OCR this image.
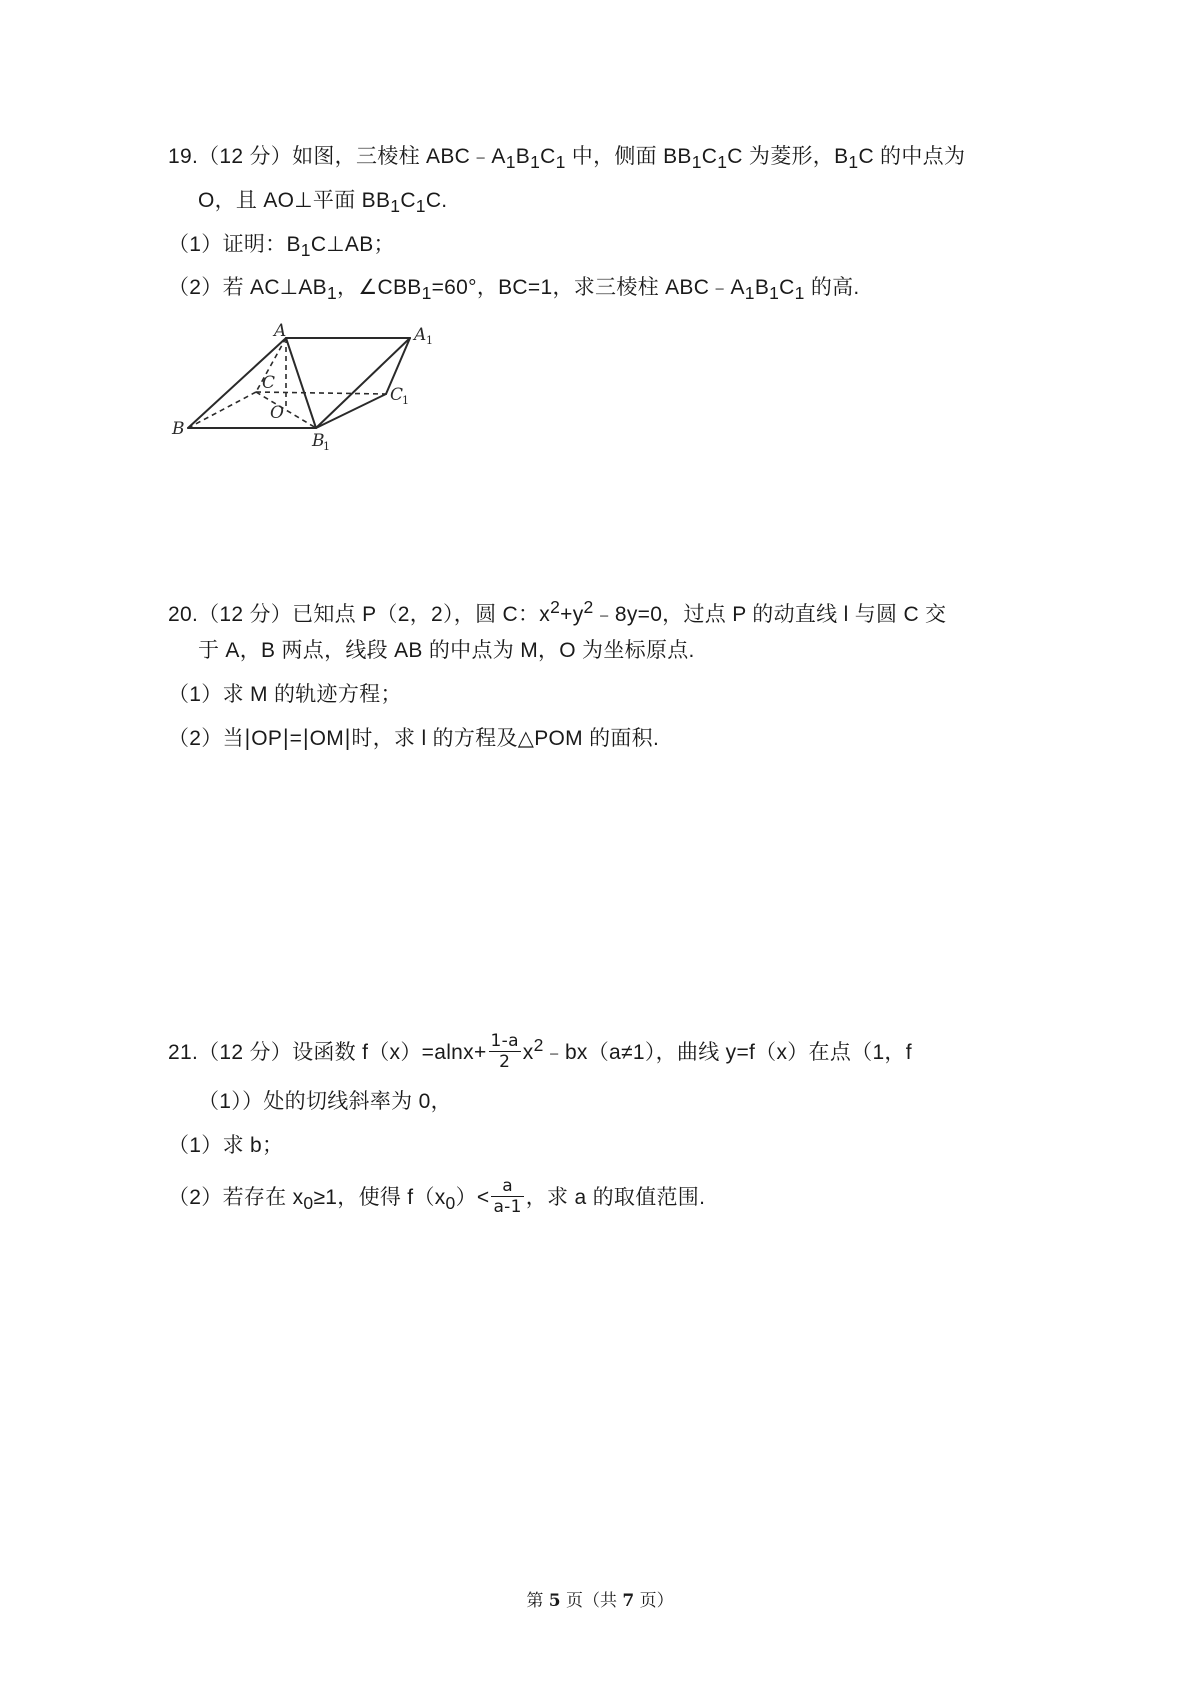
19.（12 分）如图，三棱柱 $ABC﹣A_1B_1C_1$ 中，侧面 $BB_1C_1C$ 为菱形，$B_1C$ 的中点为
O，且 AO⊥平面 $BB_1C_1C$.
（1）证明：$B_1C\perp AB$；
（2）若 $AC\perp AB_1$，$\angle CBB_1=60^\circ$，BC=1，求三棱柱 $ABC﹣A_1B_1C_1$ 的高.
A	A 1
C
C
1
O
B
B
1
20.（12 分）已知点 P（2，2），圆 C：$x^2+y^2﹣8y=0$，过点 P 的动直线 l 与圆 C 交
于 A，B 两点，线段 AB 的中点为 M，O 为坐标原点.
（1）求 M 的轨迹方程；
（2）当|OP|=|OM|时，求 l 的方程及△POM 的面积.
21.（12 分）设函数 $f(x)=alnx+ \frac{1-a}{2}$ $x^2﹣bx(a\ne 1)$，曲线 y=f（x）在点（1，f
（1））处的切线斜率为 0，
（1）求 b；
（2）若存在 $x_0\ge 1$，使得 $f(x_0)< \frac{a}{a-1}$ ，求 a 的取值范围.
第 5 页（共 7 页）
